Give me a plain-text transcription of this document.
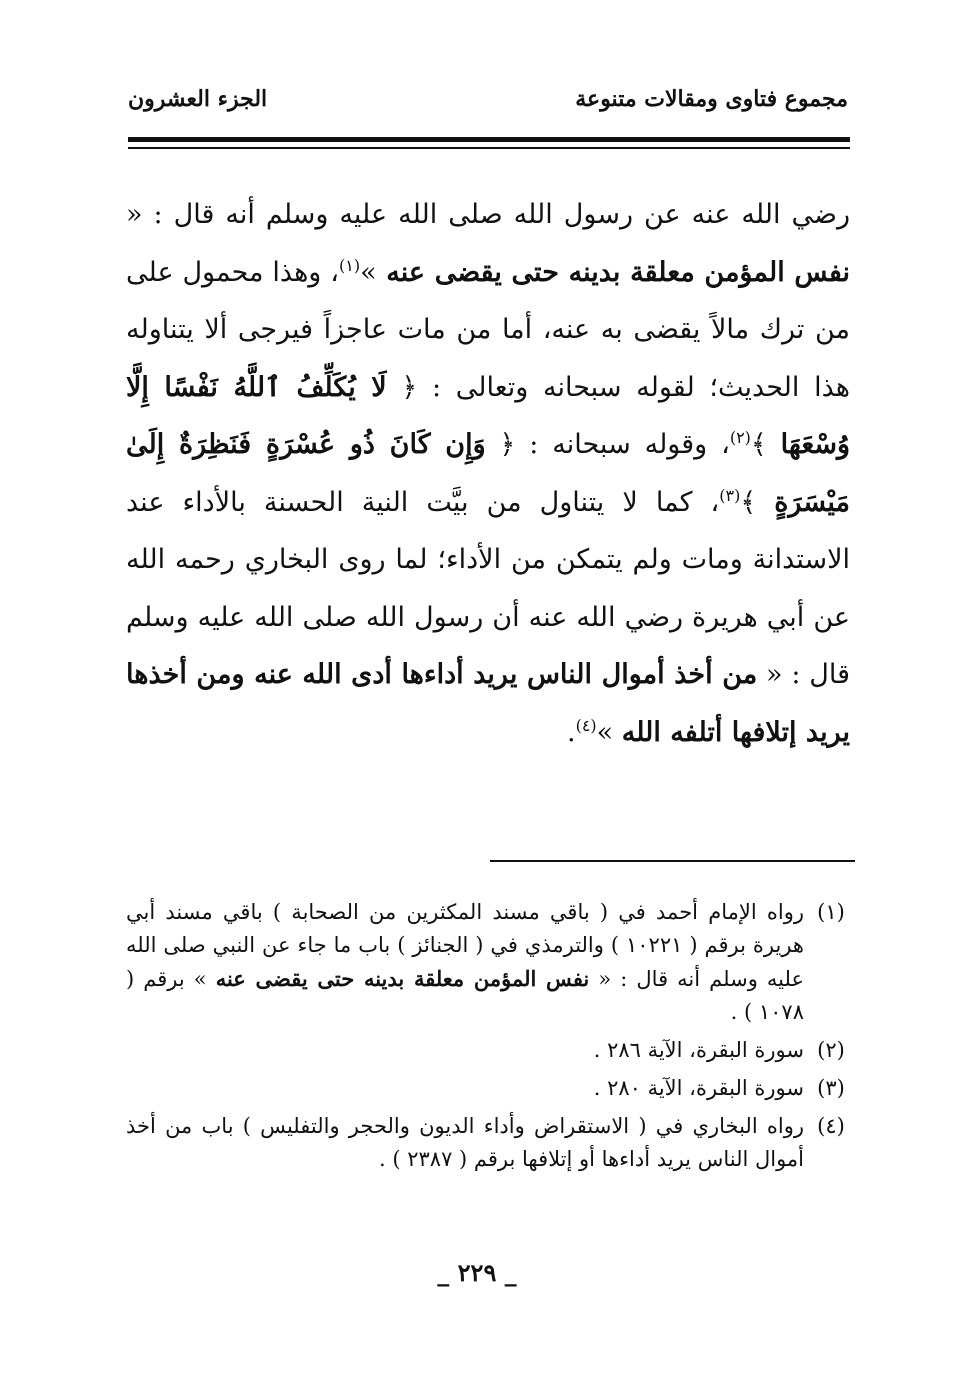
مجموع فتاوى ومقالات متنوعة
الجزء العشرون

رضي الله عنه عن رسول الله صلى الله عليه وسلم أنه قال : « نفس المؤمن معلقة بدينه حتى يقضى عنه »$^{(١)}$، وهذا محمول على من ترك مالاً يقضى به عنه، أما من مات عاجزاً فيرجى ألا يتناوله هذا الحديث؛ لقوله سبحانه وتعالى : ﴿ لَا يُكَلِّفُ ٱللَّهُ نَفْسًا إِلَّا وُسْعَهَا ﴾$^{(٢)}$، وقوله سبحانه : ﴿ وَإِن كَانَ ذُو عُسْرَةٍ فَنَظِرَةٌ إِلَىٰ مَيْسَرَةٍ ﴾$^{(٣)}$، كما لا يتناول من بيَّت النية الحسنة بالأداء عند الاستدانة ومات ولم يتمكن من الأداء؛ لما روى البخاري رحمه الله عن أبي هريرة رضي الله عنه أن رسول الله صلى الله عليه وسلم قال : « من أخذ أموال الناس يريد أداءها أدى الله عنه ومن أخذها يريد إتلافها أتلفه الله »$^{(٤)}$.

(١)
رواه الإمام أحمد في ( باقي مسند المكثرين من الصحابة ) باقي مسند أبي هريرة برقم ( ١٠٢٢١ ) والترمذي في ( الجنائز ) باب ما جاء عن النبي صلى الله عليه وسلم أنه قال : « نفس المؤمن معلقة بدينه حتى يقضى عنه » برقم ( ١٠٧٨ ) .
(٢)
سورة البقرة، الآية ٢٨٦ .
(٣)
سورة البقرة، الآية ٢٨٠ .
(٤)
رواه البخاري في ( الاستقراض وأداء الديون والحجر والتفليس ) باب من أخذ أموال الناس يريد أداءها أو إتلافها برقم ( ٢٣٨٧ ) .
_ ٢٢٩ _
